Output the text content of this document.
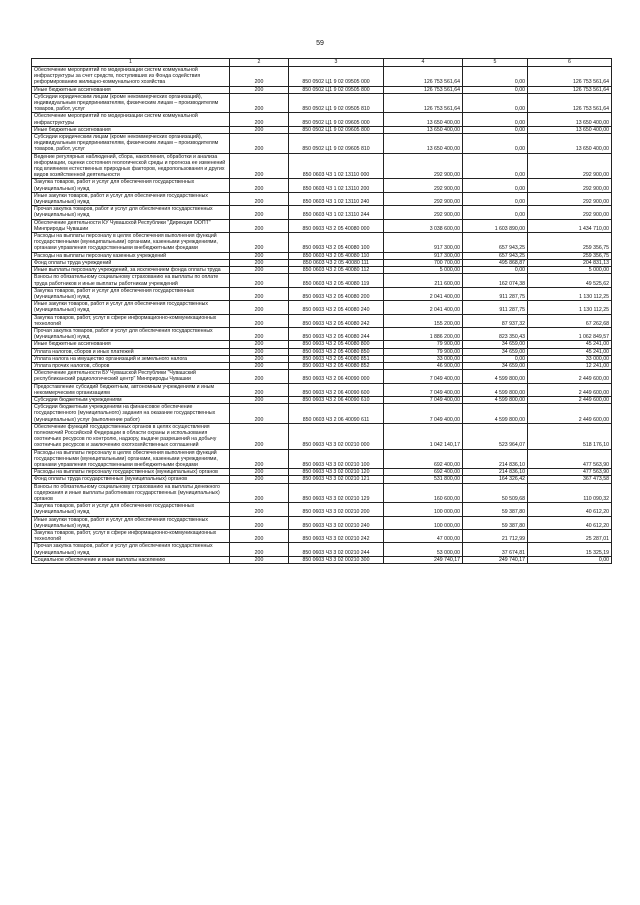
59
1	2	3	4	5	6
Обеспечение мероприятий по модернизации систем коммунальной инфраструктуры за счет средств, поступивших из Фонда содействия реформированию жилищно-коммунального хозяйства	200	850 0502 Ц1 9 02 09505 000	126 753 561,64	0,00	126 753 561,64
Иные бюджетные ассигнования	200	850 0502 Ц1 9 02 09505 800	126 753 561,64	0,00	126 753 561,64
Субсидии юридическим лицам (кроме некоммерческих организаций), индивидуальным предпринимателям, физическим лицам – производителям товаров, работ, услуг	200	850 0502 Ц1 9 02 09505 810	126 753 561,64	0,00	126 753 561,64
Обеспечение мероприятий по модернизации систем коммунальной инфраструктуры	200	850 0502 Ц1 9 02 09605 000	13 650 400,00	0,00	13 650 400,00
Иные бюджетные ассигнования	200	850 0502 Ц1 9 02 09605 800	13 650 400,00	0,00	13 650 400,00
Субсидии юридическим лицам (кроме некоммерческих организаций), индивидуальным предпринимателям, физическим лицам – производителям товаров, работ, услуг	200	850 0502 Ц1 9 02 09605 810	13 650 400,00	0,00	13 650 400,00
Ведение регулярных наблюдений, сбора, накопления, обработки и анализа информации, оценки состояния геологической среды и прогноза ее изменений под влиянием естественных природных факторов, недропользования и других видов хозяйственной деятельности	200	850 0603 Ч3 1 02 13110 000	292 900,00	0,00	292 900,00
Закупка товаров, работ и услуг для обеспечения государственных (муниципальных) нужд	200	850 0603 Ч3 1 02 13110 200	292 900,00	0,00	292 900,00
Иные закупки товаров, работ и услуг для обеспечения государственных (муниципальных) нужд	200	850 0603 Ч3 1 02 13110 240	292 900,00	0,00	292 900,00
Прочая закупка товаров, работ и услуг для обеспечения государственных (муниципальных) нужд	200	850 0603 Ч3 1 02 13110 244	292 900,00	0,00	292 900,00
Обеспечение деятельности КУ Чувашской Республики "Дирекция ООПТ" Минприроды Чувашии	200	850 0603 Ч3 2 05 40080 000	3 038 600,00	1 603 890,00	1 434 710,00
Расходы на выплаты персоналу в целях обеспечения выполнения функций государственными (муниципальными) органами, казенными учреждениями, органами управления государственными внебюджетными фондами	200	850 0603 Ч3 2 05 40080 100	917 300,00	657 943,25	259 356,75
Расходы на выплаты персоналу казенных учреждений	200	850 0603 Ч3 2 05 40080 110	917 300,00	657 943,25	259 356,75
Фонд оплаты труда учреждений	200	850 0603 Ч3 2 05 40080 111	700 700,00	495 868,87	204 831,13
Иные выплаты персоналу учреждений, за исключением фонда оплаты труда	200	850 0603 Ч3 2 05 40080 112	5 000,00	0,00	5 000,00
Взносы по обязательному социальному страхованию на выплаты по оплате труда работников и иные выплаты работникам учреждений	200	850 0603 Ч3 2 05 40080 119	211 600,00	162 074,38	49 525,62
Закупка товаров, работ и услуг для обеспечения государственных (муниципальных) нужд	200	850 0603 Ч3 2 05 40080 200	2 041 400,00	911 287,75	1 130 112,25
Иные закупки товаров, работ и услуг для обеспечения государственных (муниципальных) нужд	200	850 0603 Ч3 2 05 40080 240	2 041 400,00	911 287,75	1 130 112,25
Закупка товаров, работ, услуг в сфере информационно-коммуникационных технологий	200	850 0603 Ч3 2 05 40080 242	155 200,00	87 937,32	67 262,68
Прочая закупка товаров, работ и услуг для обеспечения государственных (муниципальных) нужд	200	850 0603 Ч3 2 05 40080 244	1 886 200,00	823 350,43	1 062 849,57
Иные бюджетные ассигнования	200	850 0603 Ч3 2 05 40080 800	79 900,00	34 659,00	45 241,00
Уплата налогов, сборов и иных платежей	200	850 0603 Ч3 2 05 40080 850	79 900,00	34 659,00	45 241,00
Уплата налога на имущество организаций и земельного налога	200	850 0603 Ч3 2 05 40080 851	33 000,00	0,00	33 000,00
Уплата прочих налогов, сборов	200	850 0603 Ч3 2 05 40080 852	46 900,00	34 659,00	12 241,00
Обеспечение деятельности БУ Чувашской Республики "Чувашский республиканский радиологический центр" Минприроды Чувашии	200	850 0603 Ч3 2 06 40090 000	7 049 400,00	4 599 800,00	2 449 600,00
Предоставление субсидий бюджетным, автономным учреждениям и иным некоммерческим организациям	200	850 0603 Ч3 2 06 40090 600	7 049 400,00	4 599 800,00	2 449 600,00
Субсидии бюджетным учреждениям	200	850 0603 Ч3 2 06 40090 610	7 049 400,00	4 599 800,00	2 449 600,00
Субсидии бюджетным учреждениям на финансовое обеспечение государственного (муниципального) задания на оказание государственных (муниципальных) услуг (выполнение работ)	200	850 0603 Ч3 2 06 40090 611	7 049 400,00	4 599 800,00	2 449 600,00
Обеспечение функций государственных органов в целях осуществления полномочий Российской Федерации в области охраны и использования охотничьих ресурсов по контролю, надзору, выдаче разрешений на добычу охотничьих ресурсов и заключению охотхозяйственных соглашений	200	850 0603 Ч3 3 02 00210 000	1 042 140,17	523 964,07	518 176,10
Расходы на выплаты персоналу в целях обеспечения выполнения функций государственными (муниципальными) органами, казенными учреждениями, органами управления государственными внебюджетными фондами	200	850 0603 Ч3 3 02 00210 100	692 400,00	214 836,10	477 563,90
Расходы на выплаты персоналу государственных (муниципальных) органов	200	850 0603 Ч3 3 02 00210 120	692 400,00	214 836,10	477 563,90
Фонд оплаты труда государственных (муниципальных) органов	200	850 0603 Ч3 3 02 00210 121	531 800,00	164 326,42	367 473,58
Взносы по обязательному социальному страхованию на выплаты денежного содержания и иные выплаты работникам государственных (муниципальных) органов	200	850 0603 Ч3 3 02 00210 129	160 600,00	50 509,68	110 090,32
Закупка товаров, работ и услуг для обеспечения государственных (муниципальных) нужд	200	850 0603 Ч3 3 02 00210 200	100 000,00	59 387,80	40 612,20
Иные закупки товаров, работ и услуг для обеспечения государственных (муниципальных) нужд	200	850 0603 Ч3 3 02 00210 240	100 000,00	59 387,80	40 612,20
Закупка товаров, работ, услуг в сфере информационно-коммуникационных технологий	200	850 0603 Ч3 3 02 00210 242	47 000,00	21 712,99	25 287,01
Прочая закупка товаров, работ и услуг для обеспечения государственных (муниципальных) нужд	200	850 0603 Ч3 3 02 00210 244	53 000,00	37 674,81	15 325,19
Социальное обеспечение и иные выплаты населению	200	850 0603 Ч3 3 02 00210 300	249 740,17	249 740,17	0,00
